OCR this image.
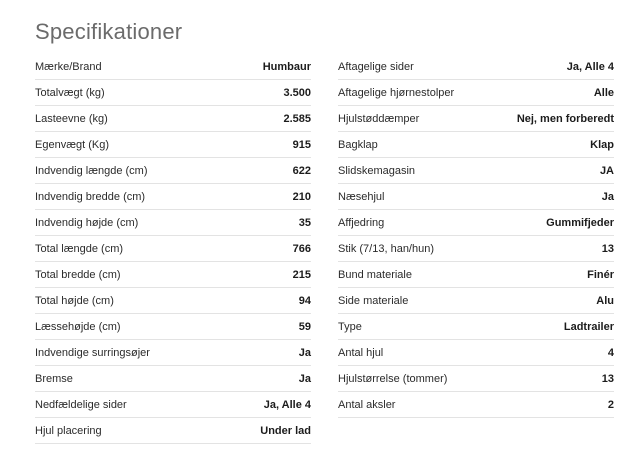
Specifikationer
Mærke/Brand	Humbaur
Totalvægt (kg)	3.500
Lasteevne (kg)	2.585
Egenvægt (Kg)	915
Indvendig længde (cm)	622
Indvendig bredde (cm)	210
Indvendig højde (cm)	35
Total længde (cm)	766
Total bredde (cm)	215
Total højde (cm)	94
Læssehøjde (cm)	59
Indvendige surringsøjer	Ja
Bremse	Ja
Nedfældelige sider	Ja, Alle 4
Hjul placering	Under lad
Aftagelige sider	Ja, Alle 4
Aftagelige hjørnestolper	Alle
Hjulstøddæmper	Nej, men forberedt
Bagklap	Klap
Slidskemagasin	JA
Næsehjul	Ja
Affjedring	Gummifjeder
Stik (7/13, han/hun)	13
Bund materiale	Finér
Side materiale	Alu
Type	Ladtrailer
Antal hjul	4
Hjulstørrelse (tommer)	13
Antal aksler	2
